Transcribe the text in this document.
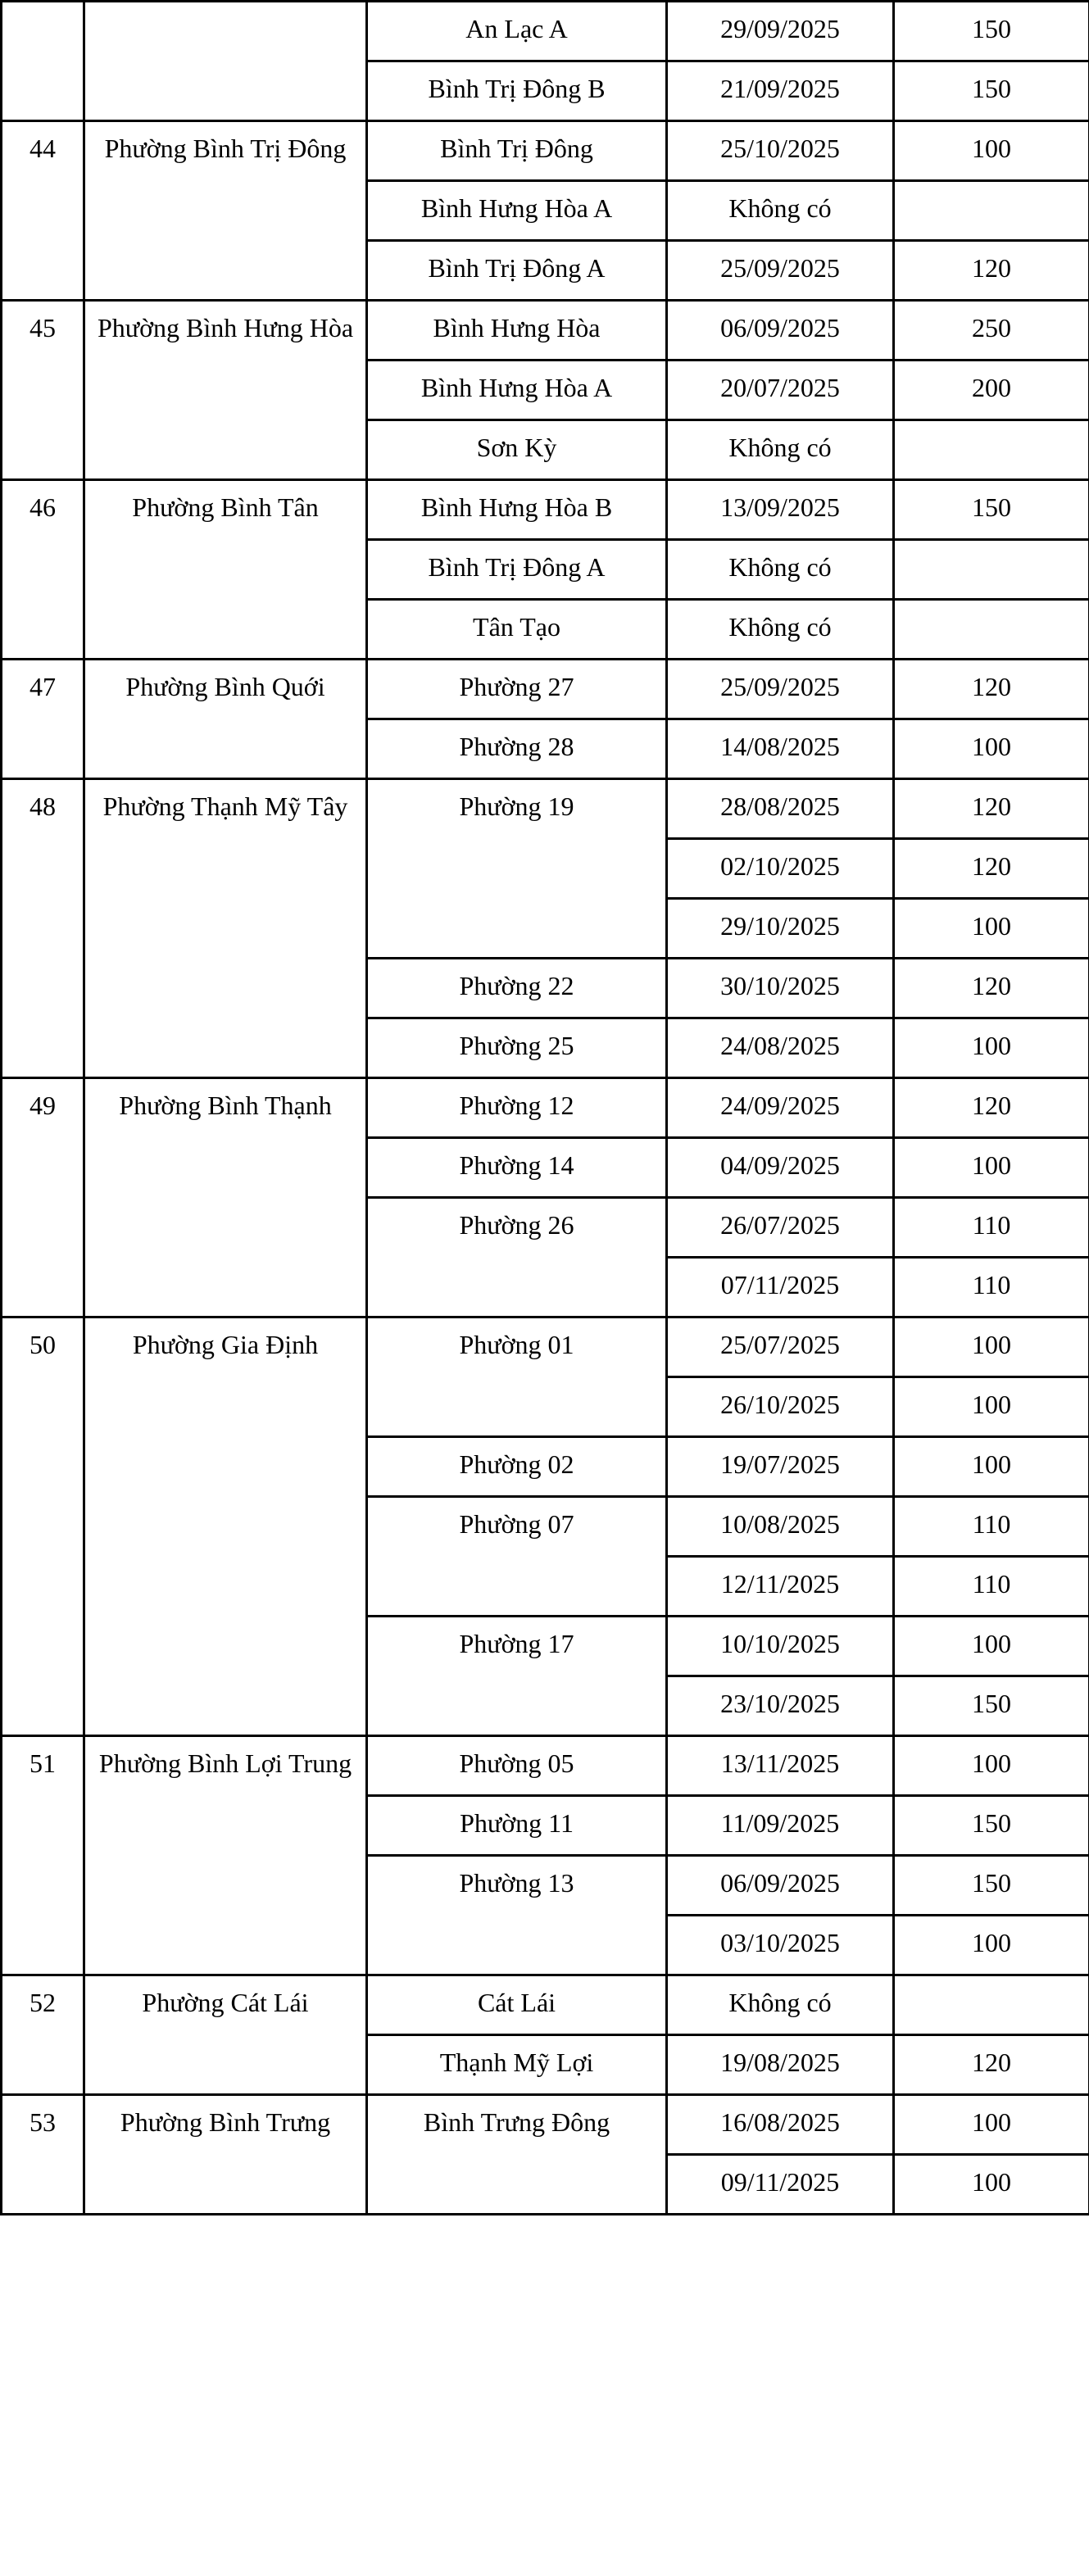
		An Lạc A	29/09/2025	150
		Bình Trị Đông B	21/09/2025	150
44	Phường Bình Trị Đông	Bình Trị Đông	25/10/2025	100
		Bình Hưng Hòa A	Không có	
		Bình Trị Đông A	25/09/2025	120
45	Phường Bình Hưng Hòa	Bình Hưng Hòa	06/09/2025	250
		Bình Hưng Hòa A	20/07/2025	200
		Sơn Kỳ	Không có	
46	Phường Bình Tân	Bình Hưng Hòa B	13/09/2025	150
		Bình Trị Đông A	Không có	
		Tân Tạo	Không có	
47	Phường Bình Quới	Phường 27	25/09/2025	120
		Phường 28	14/08/2025	100
48	Phường Thạnh Mỹ Tây	Phường 19	28/08/2025	120
			02/10/2025	120
			29/10/2025	100
		Phường 22	30/10/2025	120
		Phường 25	24/08/2025	100
49	Phường Bình Thạnh	Phường 12	24/09/2025	120
		Phường 14	04/09/2025	100
		Phường 26	26/07/2025	110
			07/11/2025	110
50	Phường Gia Định	Phường 01	25/07/2025	100
			26/10/2025	100
		Phường 02	19/07/2025	100
		Phường 07	10/08/2025	110
			12/11/2025	110
		Phường 17	10/10/2025	100
			23/10/2025	150
51	Phường Bình Lợi Trung	Phường 05	13/11/2025	100
		Phường 11	11/09/2025	150
		Phường 13	06/09/2025	150
			03/10/2025	100
52	Phường Cát Lái	Cát Lái	Không có	
		Thạnh Mỹ Lợi	19/08/2025	120
53	Phường Bình Trưng	Bình Trưng Đông	16/08/2025	100
			09/11/2025	100
